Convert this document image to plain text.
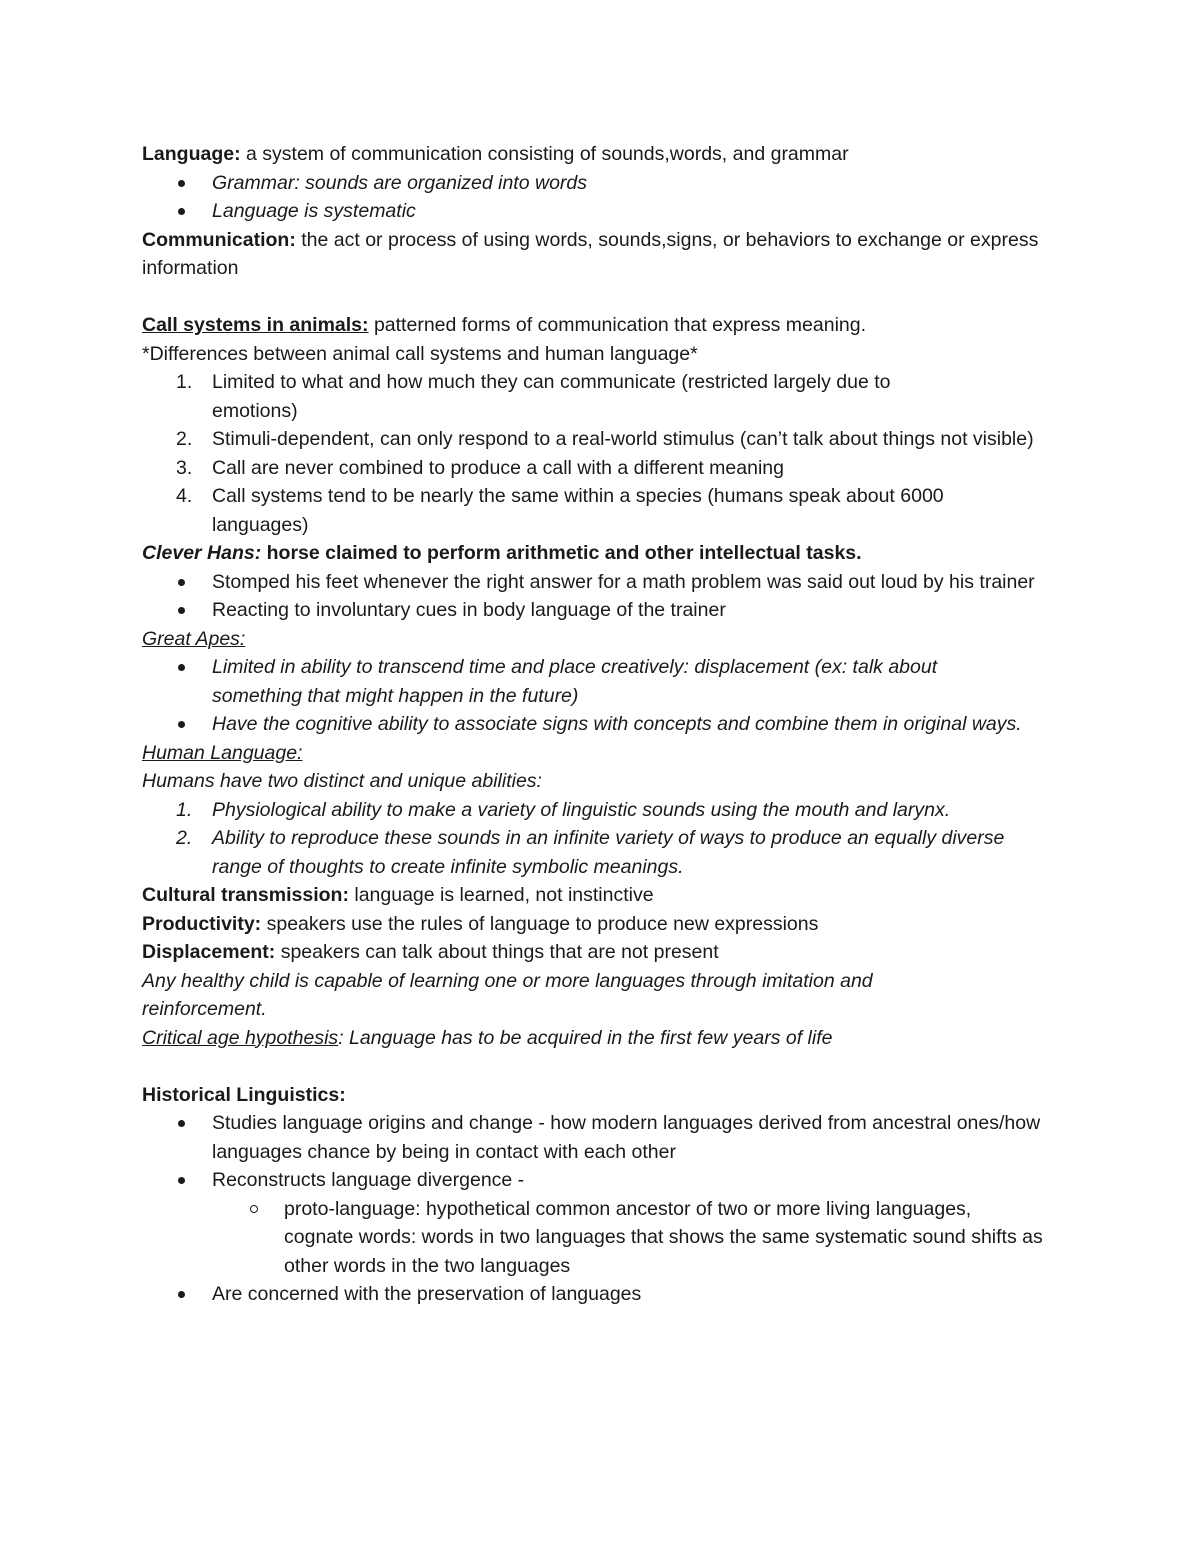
Language: a system of communication consisting of sounds,words, and grammar

Grammar: sounds are organized into words

Language is systematic

Communication: the act or process of using words, sounds,signs, or behaviors to exchange or express information

Call systems in animals: patterned forms of communication that express meaning.

*Differences between animal call systems and human language*

1. Limited to what and how much they can communicate (restricted largely due to emotions)

2. Stimuli-dependent, can only respond to a real-world stimulus (can’t talk about things not visible)

3. Call are never combined to produce a call with a different meaning

4. Call systems tend to be nearly the same within a species (humans speak about 6000 languages)

Clever Hans: horse claimed to perform arithmetic and other intellectual tasks.

Stomped his feet whenever the right answer for a math problem was said out loud by his trainer

Reacting to involuntary cues in body language of the trainer

Great Apes:

Limited in ability to transcend time and place creatively: displacement (ex: talk about something that might happen in the future)

Have the cognitive ability to associate signs with concepts and combine them in original ways.

Human Language:

Humans have two distinct and unique abilities:

1. Physiological ability to make a variety of linguistic sounds using the mouth and larynx.

2. Ability to reproduce these sounds in an infinite variety of ways to produce an equally diverse range of thoughts to create infinite symbolic meanings.

Cultural transmission: language is learned, not instinctive

Productivity: speakers use the rules of language to produce new expressions

Displacement: speakers can talk about things that are not present

Any healthy child is capable of learning one or more languages through imitation and reinforcement.

Critical age hypothesis: Language has to be acquired in the first few years of life

Historical Linguistics:

Studies language origins and change - how modern languages derived from ancestral ones/how languages chance by being in contact with each other

Reconstructs language divergence -

proto-language: hypothetical common ancestor of two or more living languages, cognate words: words in two languages that shows the same systematic sound shifts as other words in the two languages

Are concerned with the preservation of languages
